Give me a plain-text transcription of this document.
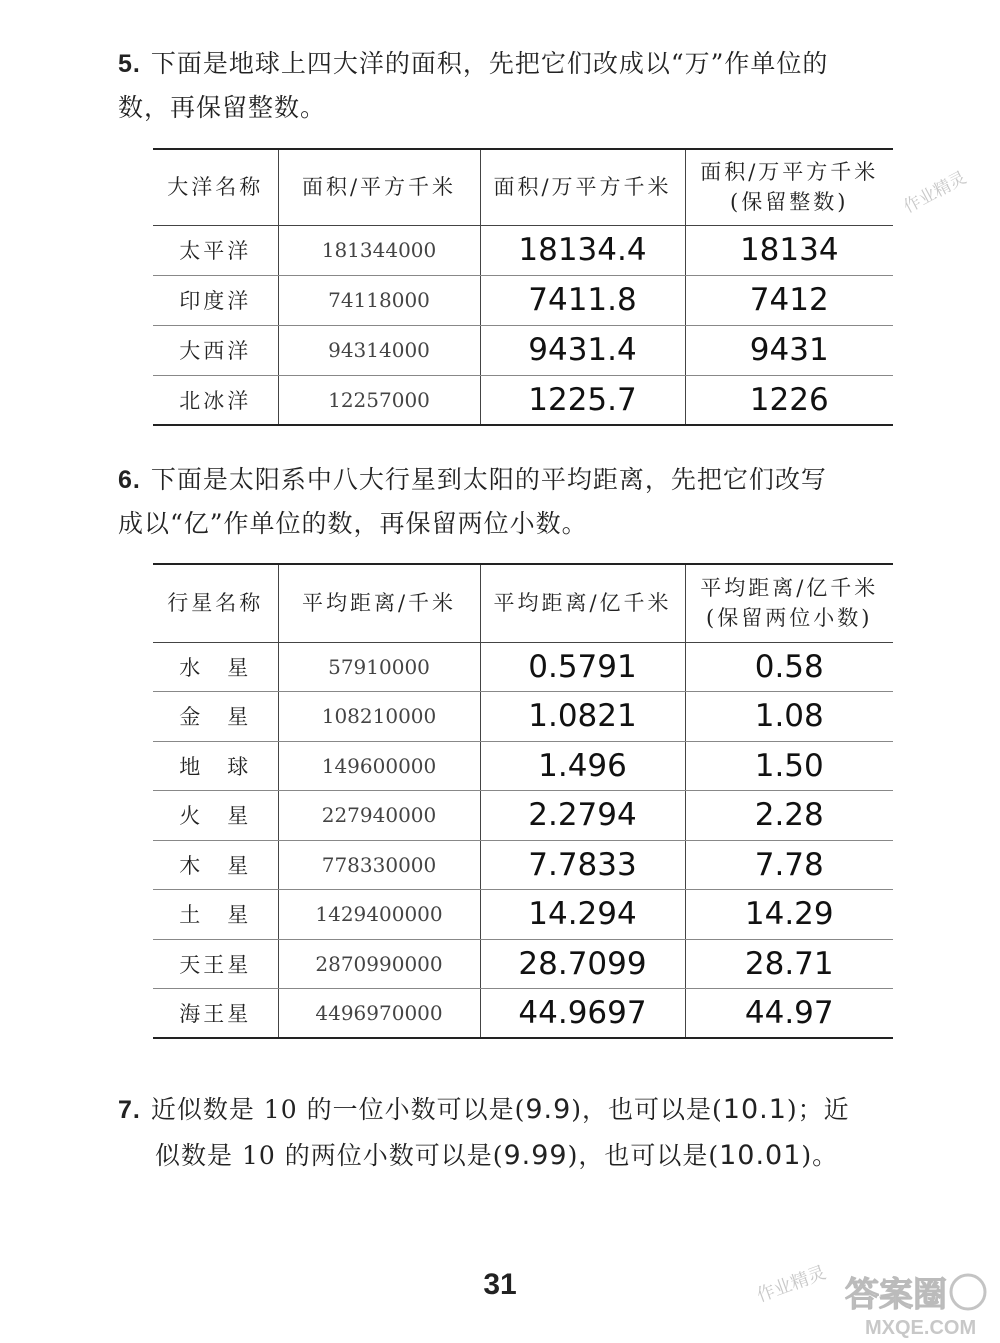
5. 下面是地球上四大洋的面积，先把它们改成以“万”作单位的
数，再保留整数。
大洋名称	面积/平方千米	面积/万平方千米	面积/万平方千米
(保留整数)

太平洋	181344000	18134.4	18134
印度洋	74118000	7411.8	7412
大西洋	94314000	9431.4	9431
北冰洋	12257000	1225.7	1226
6. 下面是太阳系中八大行星到太阳的平均距离，先把它们改写
成以“亿”作单位的数，再保留两位小数。
行星名称	平均距离/千米	平均距离/亿千米	平均距离/亿千米
(保留两位小数)

水　星	57910000	0.5791	0.58
金　星	108210000	1.0821	1.08
地　球	149600000	1.496	1.50
火　星	227940000	2.2794	2.28
木　星	778330000	7.7833	7.78
土　星	1429400000	14.294	14.29
天王星	2870990000	28.7099	28.71
海王星	4496970000	44.9697	44.97
7. 近似数是 10 的一位小数可以是(9.9)，也可以是(10.1)；近
似数是 10 的两位小数可以是(9.99)，也可以是(10.01)。
31
作业精灵
作业精灵 答案圈
MXQE.COM
